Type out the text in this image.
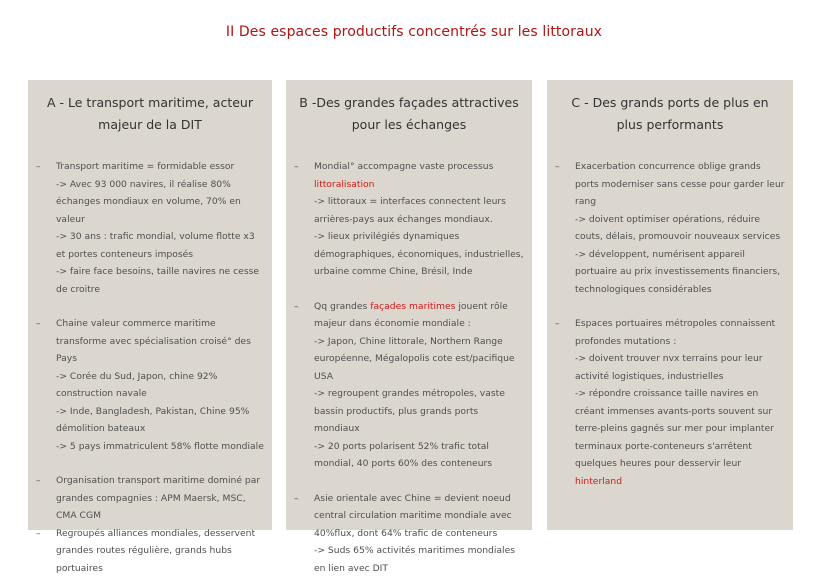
II Des espaces productifs concentrés sur les littoraux
A - Le transport maritime, acteur majeur de la DIT
– Transport maritime = formidable essor
-> Avec 93 000 navires, il réalise 80% échanges mondiaux en volume, 70% en valeur
-> 30 ans : trafic mondial, volume flotte x3 et portes conteneurs imposés
-> faire face besoins, taille navires ne cesse de croitre
– Chaine valeur commerce maritime transforme avec spécialisation croisé° des Pays
-> Corée du Sud, Japon, chine 92% construction navale
-> Inde, Bangladesh, Pakistan, Chine 95% démolition bateaux
-> 5 pays immatriculent 58% flotte mondiale
– Organisation transport maritime dominé par grandes compagnies : APM Maersk, MSC, CMA CGM
– Regroupés alliances mondiales, desservent grandes routes régulière, grands hubs portuaires
B -Des grandes façades attractives pour les échanges
– Mondial° accompagne vaste processus littoralisation
-> littoraux = interfaces connectent leurs arrières-pays aux échanges mondiaux.
-> lieux privilégiés dynamiques démographiques, économiques, industrielles, urbaine comme Chine, Brésil, Inde
– Qq grandes façades maritimes jouent rôle majeur dans économie mondiale :
-> Japon, Chine littorale, Northern Range européenne, Mégalopolis cote est/pacifique USA
-> regroupent grandes métropoles, vaste bassin productifs, plus grands ports mondiaux
-> 20 ports polarisent 52% trafic total mondial, 40 ports 60% des conteneurs
– Asie orientale avec Chine = devient noeud central circulation maritime mondiale avec 40%flux, dont 64% trafic de conteneurs
-> Suds 65% activités maritimes mondiales en lien avec DIT
C - Des grands ports de plus en plus performants
– Exacerbation concurrence oblige grands ports moderniser sans cesse pour garder leur rang
-> doivent optimiser opérations, réduire couts, délais, promouvoir nouveaux services
-> développent, numérisent appareil portuaire au prix investissements financiers, technologiques considérables
– Espaces portuaires métropoles connaissent profondes mutations :
-> doivent trouver nvx terrains pour leur activité logistiques, industrielles
-> répondre croissance taille navires en créant immenses avants-ports souvent sur terre-pleins gagnés sur mer pour implanter terminaux porte-conteneurs s'arrêtent quelques heures pour desservir leur hinterland
